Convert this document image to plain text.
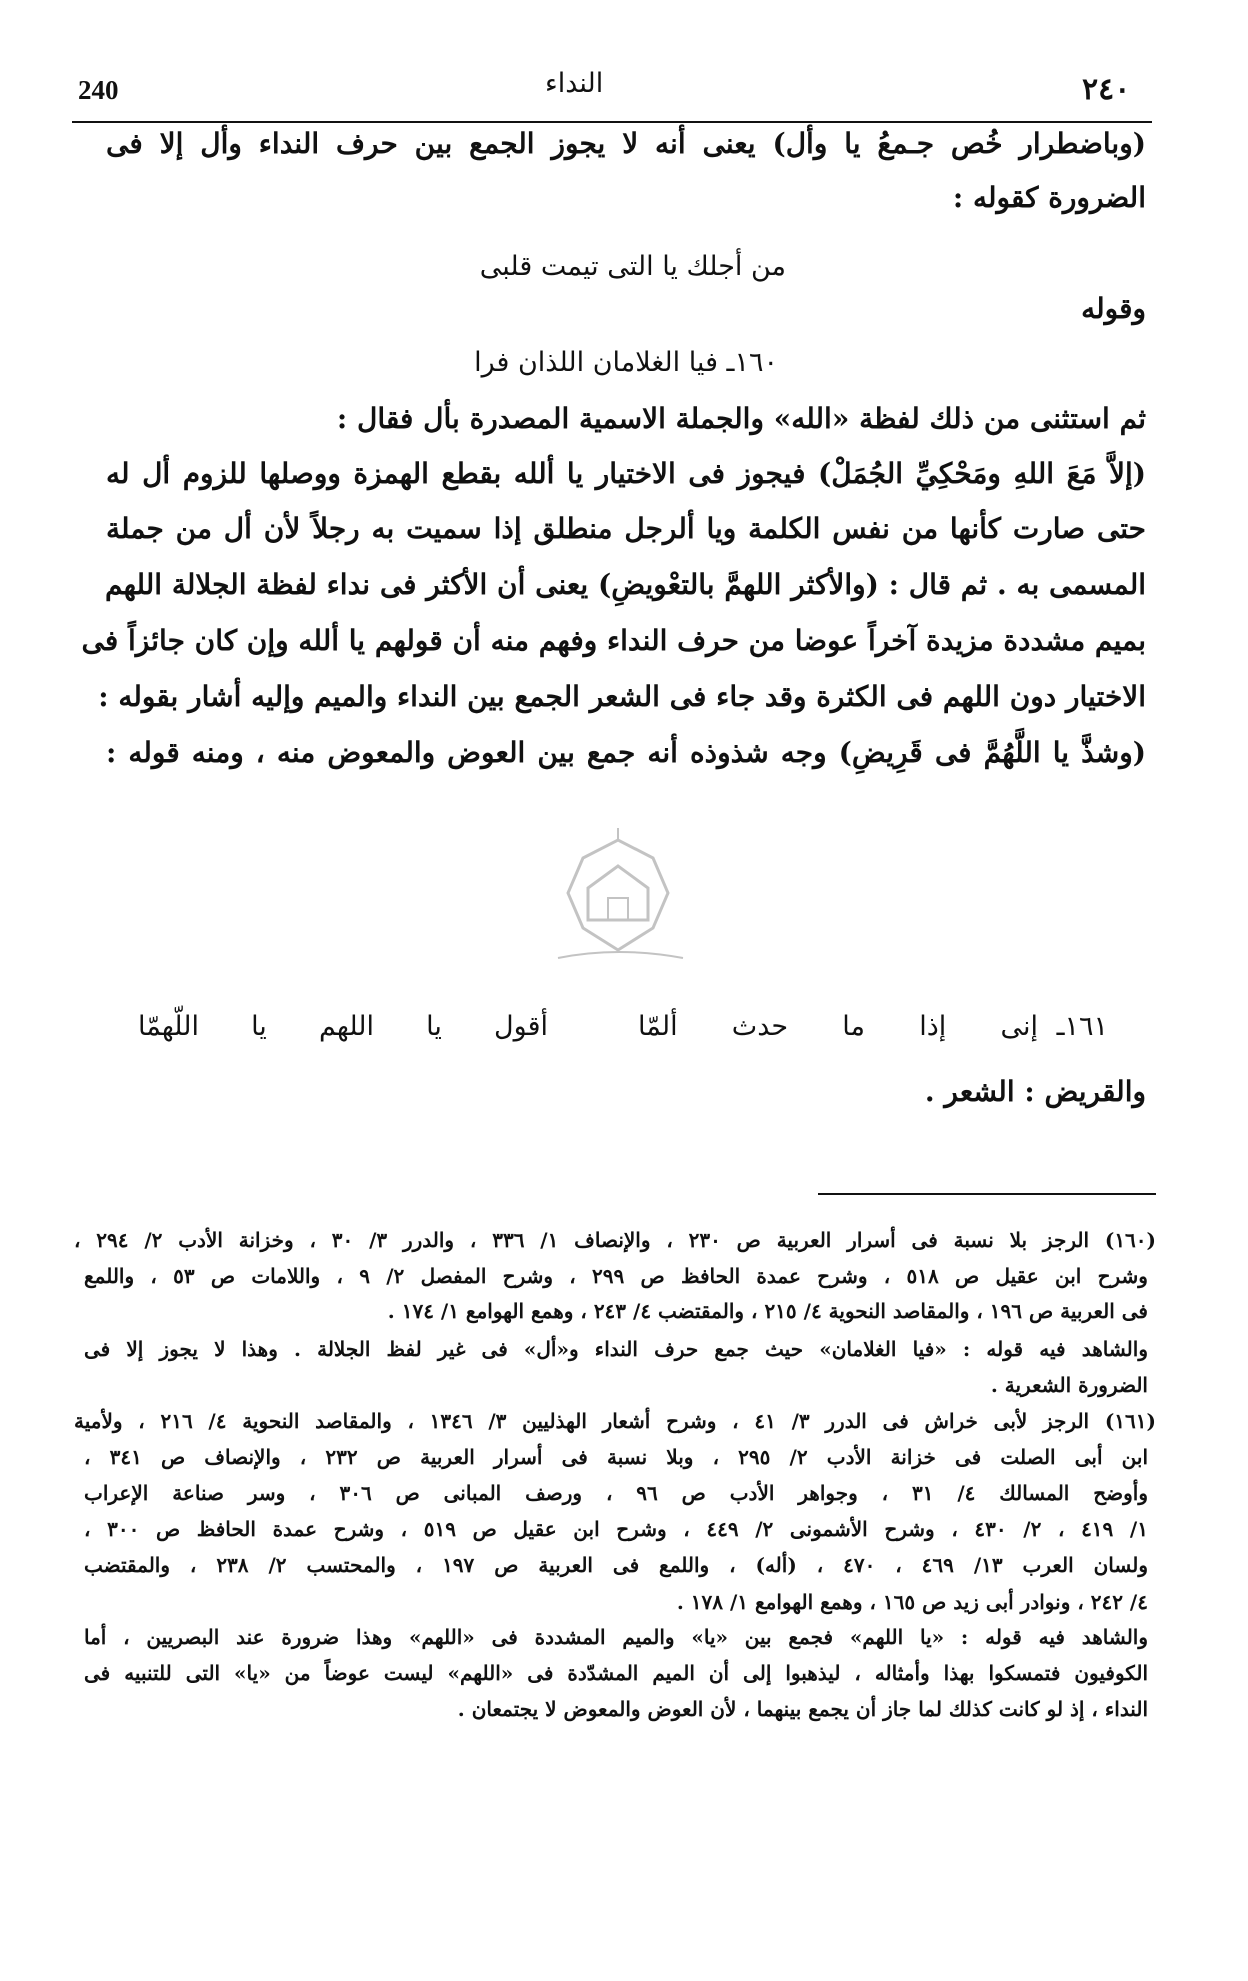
٢٤٠
النداء
240
(وباضطرار خُص جـمعُ يا وأل) يعنى أنه لا يجوز الجمع بين حرف النداء وأل إلا فى
الضرورة كقوله :
من أجلك يا التى تيمت قلبى
وقوله
١٦٠ـ فيا الغلامان اللذان فرا
ثم استثنى من ذلك لفظة «الله» والجملة الاسمية المصدرة بأل فقال :
(إلاَّ مَعَ اللهِ ومَحْكِيِّ الجُمَلْ) فيجوز فى الاختيار يا ألله بقطع الهمزة ووصلها للزوم أل له
حتى صارت كأنها من نفس الكلمة ويا ألرجل منطلق إذا سميت به رجلاً لأن أل من جملة
المسمى به . ثم قال : (والأكثر اللهمَّ بالتعْويضِ) يعنى أن الأكثر فى نداء لفظة الجلالة اللهم
بميم مشددة مزيدة آخراً عوضا من حرف النداء وفهم منه أن قولهم يا ألله وإن كان جائزاً فى
الاختيار دون اللهم فى الكثرة وقد جاء فى الشعر الجمع بين النداء والميم وإليه أشار بقوله :
(وشذَّ يا اللَّهُمَّ فى قَرِيضِ) وجه شذوذه أنه جمع بين العوض والمعوض منه ، ومنه قوله :
١٦١ـ
إنى إذا ما حدث ألمّا
أقول يا اللهم يا اللّهمّا
والقريض : الشعر .
(١٦٠) الرجز بلا نسبة فى أسرار العربية ص ٢٣٠ ، والإنصاف ١/ ٣٣٦ ، والدرر ٣/ ٣٠ ، وخزانة الأدب ٢/ ٢٩٤ ،
وشرح ابن عقيل ص ٥١٨ ، وشرح عمدة الحافظ ص ٢٩٩ ، وشرح المفصل ٢/ ٩ ، واللامات ص ٥٣ ، واللمع
فى العربية ص ١٩٦ ، والمقاصد النحوية ٤/ ٢١٥ ، والمقتضب ٤/ ٢٤٣ ، وهمع الهوامع ١/ ١٧٤ .
والشاهد فيه قوله : «فيا الغلامان» حيث جمع حرف النداء و«أل» فى غير لفظ الجلالة . وهذا لا يجوز إلا فى
الضرورة الشعرية .
(١٦١) الرجز لأبى خراش فى الدرر ٣/ ٤١ ، وشرح أشعار الهذليين ٣/ ١٣٤٦ ، والمقاصد النحوية ٤/ ٢١٦ ، ولأمية
ابن أبى الصلت فى خزانة الأدب ٢/ ٢٩٥ ، وبلا نسبة فى أسرار العربية ص ٢٣٢ ، والإنصاف ص ٣٤١ ،
وأوضح المسالك ٤/ ٣١ ، وجواهر الأدب ص ٩٦ ، ورصف المبانى ص ٣٠٦ ، وسر صناعة الإعراب
١/ ٤١٩ ، ٢/ ٤٣٠ ، وشرح الأشمونى ٢/ ٤٤٩ ، وشرح ابن عقيل ص ٥١٩ ، وشرح عمدة الحافظ ص ٣٠٠ ،
ولسان العرب ١٣/ ٤٦٩ ، ٤٧٠ ، (أله) ، واللمع فى العربية ص ١٩٧ ، والمحتسب ٢/ ٢٣٨ ، والمقتضب
٤/ ٢٤٢ ، ونوادر أبى زيد ص ١٦٥ ، وهمع الهوامع ١/ ١٧٨ .
والشاهد فيه قوله : «يا اللهم» فجمع بين «يا» والميم المشددة فى «اللهم» وهذا ضرورة عند البصريين ، أما
الكوفيون فتمسكوا بهذا وأمثاله ، ليذهبوا إلى أن الميم المشدّدة فى «اللهم» ليست عوضاً من «يا» التى للتنبيه فى
النداء ، إذ لو كانت كذلك لما جاز أن يجمع بينهما ، لأن العوض والمعوض لا يجتمعان .
